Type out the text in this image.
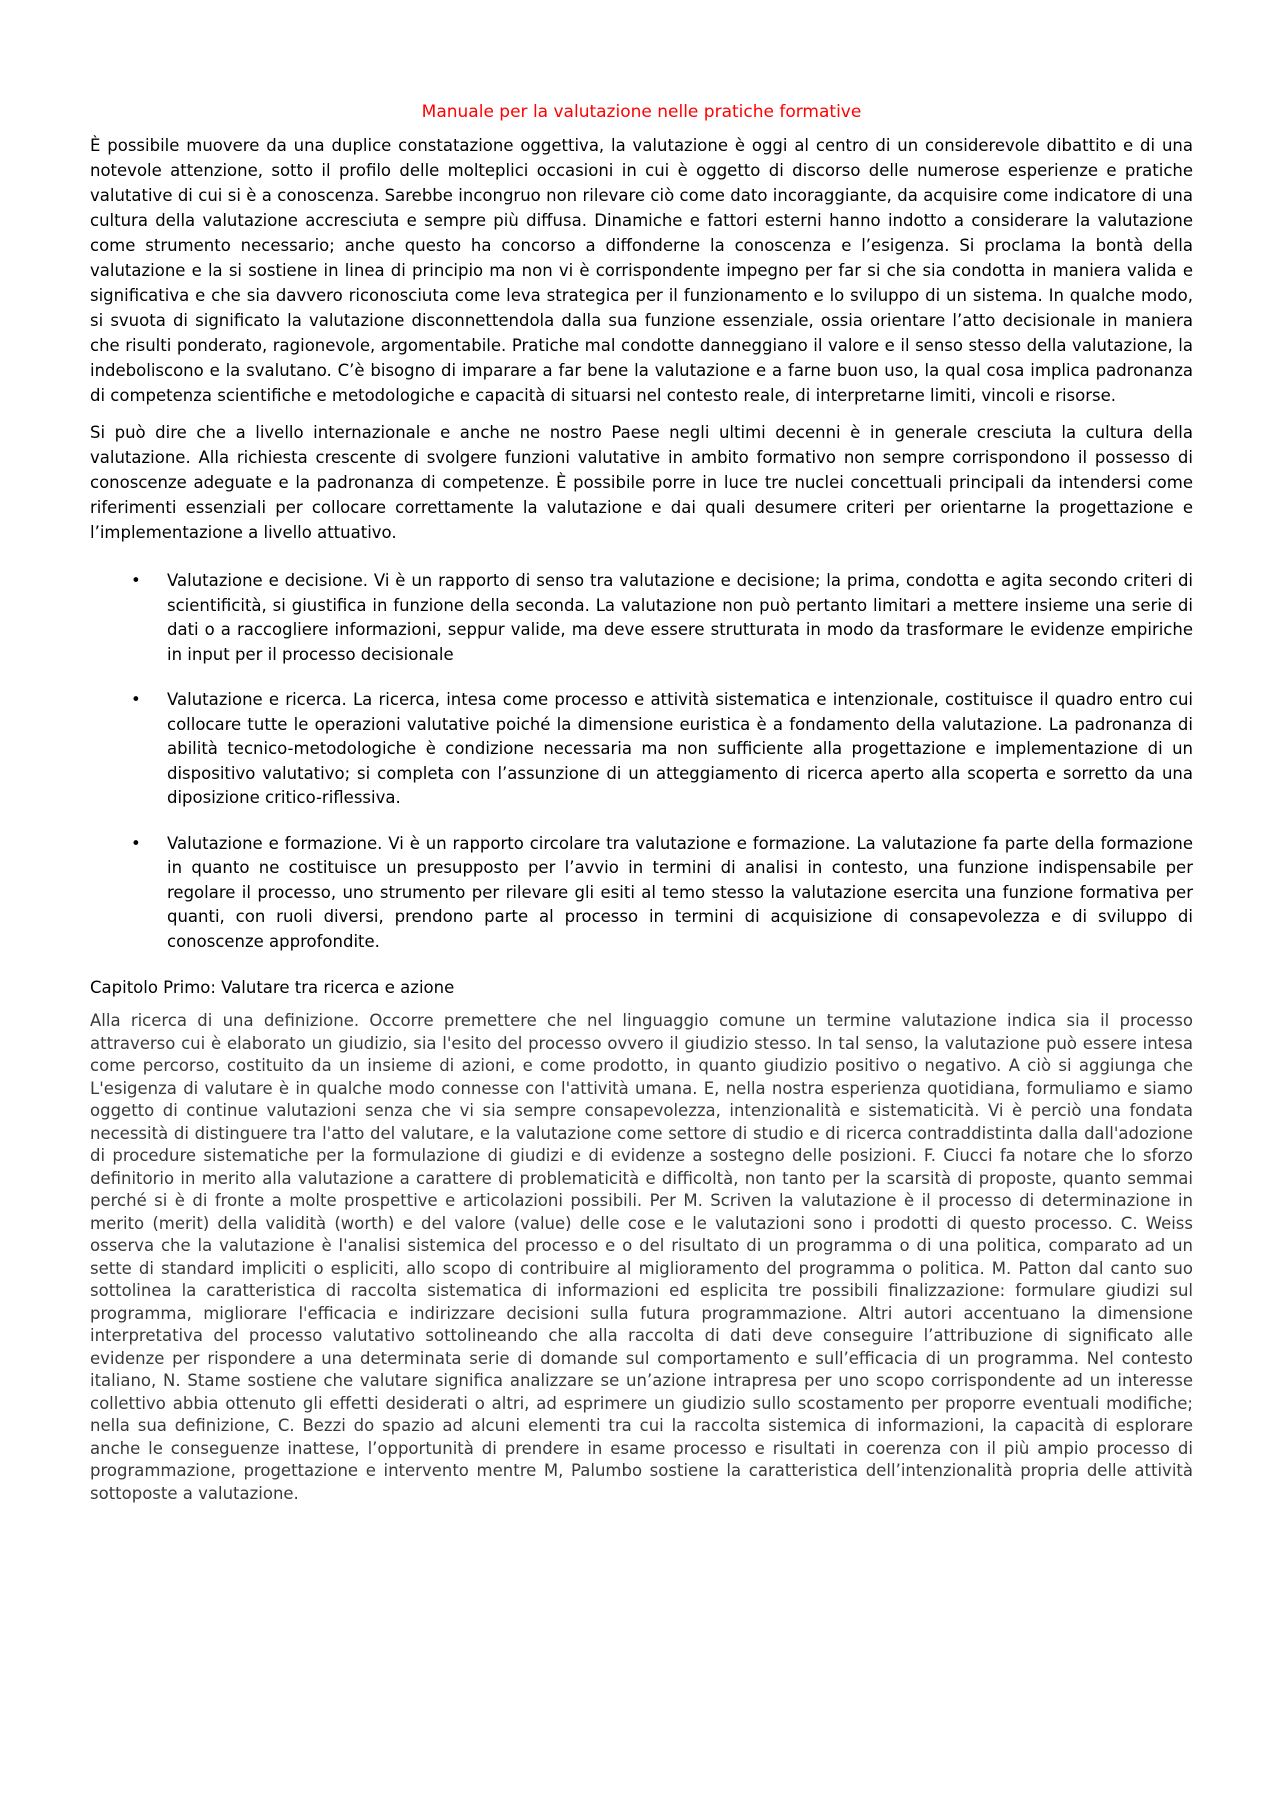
Manuale per la valutazione nelle pratiche formative

È possibile muovere da una duplice constatazione oggettiva, la valutazione è oggi al centro di un considerevole dibattito e di una notevole attenzione, sotto il profilo delle molteplici occasioni in cui è oggetto di discorso delle numerose esperienze e pratiche valutative di cui si è a conoscenza. Sarebbe incongruo non rilevare ciò come dato incoraggiante, da acquisire come indicatore di una cultura della valutazione accresciuta e sempre più diffusa. Dinamiche e fattori esterni hanno indotto a considerare la valutazione come strumento necessario; anche questo ha concorso a diffonderne la conoscenza e l’esigenza. Si proclama la bontà della valutazione e la si sostiene in linea di principio ma non vi è corrispondente impegno per far si che sia condotta in maniera valida e significativa e che sia davvero riconosciuta come leva strategica per il funzionamento e lo sviluppo di un sistema. In qualche modo, si svuota di significato la valutazione disconnettendola dalla sua funzione essenziale, ossia orientare l’atto decisionale in maniera che risulti ponderato, ragionevole, argomentabile. Pratiche mal condotte danneggiano il valore e il senso stesso della valutazione, la indeboliscono e la svalutano. C’è bisogno di imparare a far bene la valutazione e a farne buon uso, la qual cosa implica padronanza di competenza scientifiche e metodologiche e capacità di situarsi nel contesto reale, di interpretarne limiti, vincoli e risorse.

Si può dire che a livello internazionale e anche ne nostro Paese negli ultimi decenni è in generale cresciuta la cultura della valutazione. Alla richiesta crescente di svolgere funzioni valutative in ambito formativo non sempre corrispondono il possesso di conoscenze adeguate e la padronanza di competenze. È possibile porre in luce tre nuclei concettuali principali da intendersi come riferimenti essenziali per collocare correttamente la valutazione e dai quali desumere criteri per orientarne la progettazione e l’implementazione a livello attuativo.

• Valutazione e decisione. Vi è un rapporto di senso tra valutazione e decisione; la prima, condotta e agita secondo criteri di scientificità, si giustifica in funzione della seconda. La valutazione non può pertanto limitari a mettere insieme una serie di dati o a raccogliere informazioni, seppur valide, ma deve essere strutturata in modo da trasformare le evidenze empiriche in input per il processo decisionale
• Valutazione e ricerca. La ricerca, intesa come processo e attività sistematica e intenzionale, costituisce il quadro entro cui collocare tutte le operazioni valutative poiché la dimensione euristica è a fondamento della valutazione. La padronanza di abilità tecnico-metodologiche è condizione necessaria ma non sufficiente alla progettazione e implementazione di un dispositivo valutativo; si completa con l’assunzione di un atteggiamento di ricerca aperto alla scoperta e sorretto da una diposizione critico-riflessiva.
• Valutazione e formazione. Vi è un rapporto circolare tra valutazione e formazione. La valutazione fa parte della formazione in quanto ne costituisce un presupposto per l’avvio in termini di analisi in contesto, una funzione indispensabile per regolare il processo, uno strumento per rilevare gli esiti al temo stesso la valutazione esercita una funzione formativa per quanti, con ruoli diversi, prendono parte al processo in termini di acquisizione di consapevolezza e di sviluppo di conoscenze approfondite.
Capitolo Primo: Valutare tra ricerca e azione

Alla ricerca di una definizione. Occorre premettere che nel linguaggio comune un termine valutazione indica sia il processo attraverso cui è elaborato un giudizio, sia l'esito del processo ovvero il giudizio stesso. In tal senso, la valutazione può essere intesa come percorso, costituito da un insieme di azioni, e come prodotto, in quanto giudizio positivo o negativo. A ciò si aggiunga che L'esigenza di valutare è in qualche modo connesse con l'attività umana. E, nella nostra esperienza quotidiana, formuliamo e siamo oggetto di continue valutazioni senza che vi sia sempre consapevolezza, intenzionalità e sistematicità. Vi è perciò una fondata necessità di distinguere tra l'atto del valutare, e la valutazione come settore di studio e di ricerca contraddistinta dalla dall'adozione di procedure sistematiche per la formulazione di giudizi e di evidenze a sostegno delle posizioni. F. Ciucci fa notare che lo sforzo definitorio in merito alla valutazione a carattere di problematicità e difficoltà, non tanto per la scarsità di proposte, quanto semmai perché si è di fronte a molte prospettive e articolazioni possibili. Per M. Scriven la valutazione è il processo di determinazione in merito (merit) della validità (worth) e del valore (value) delle cose e le valutazioni sono i prodotti di questo processo. C. Weiss osserva che la valutazione è l'analisi sistemica del processo e o del risultato di un programma o di una politica, comparato ad un sette di standard impliciti o espliciti, allo scopo di contribuire al miglioramento del programma o politica. M. Patton dal canto suo sottolinea la caratteristica di raccolta sistematica di informazioni ed esplicita tre possibili finalizzazione: formulare giudizi sul programma, migliorare l'efficacia e indirizzare decisioni sulla futura programmazione. Altri autori accentuano la dimensione interpretativa del processo valutativo sottolineando che alla raccolta di dati deve conseguire l’attribuzione di significato alle evidenze per rispondere a una determinata serie di domande sul comportamento e sull’efficacia di un programma. Nel contesto italiano, N. Stame sostiene che valutare significa analizzare se un’azione intrapresa per uno scopo corrispondente ad un interesse collettivo abbia ottenuto gli effetti desiderati o altri, ad esprimere un giudizio sullo scostamento per proporre eventuali modifiche; nella sua definizione, C. Bezzi do spazio ad alcuni elementi tra cui la raccolta sistemica di informazioni, la capacità di esplorare anche le conseguenze inattese, l’opportunità di prendere in esame processo e risultati in coerenza con il più ampio processo di programmazione, progettazione e intervento mentre M, Palumbo sostiene la caratteristica dell’intenzionalità propria delle attività sottoposte a valutazione.
